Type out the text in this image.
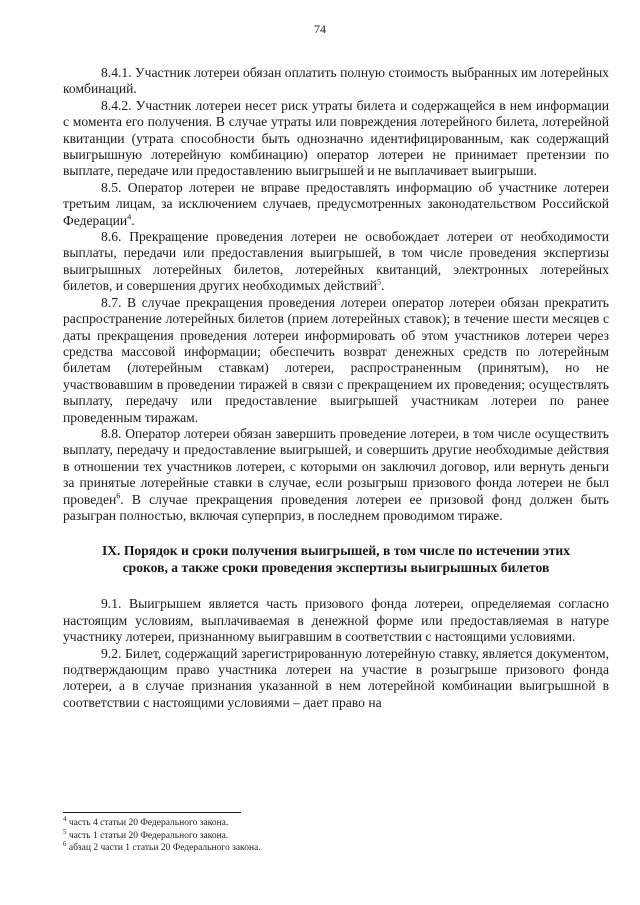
74

8.4.1. Участник лотереи обязан оплатить полную стоимость выбранных им лотерейных комбинаций.

8.4.2. Участник лотереи несет риск утраты билета и содержащейся в нем информации с момента его получения. В случае утраты или повреждения лотерейного билета, лотерейной квитанции (утрата способности быть однозначно идентифицированным, как содержащий выигрышную лотерейную комбинацию) оператор лотереи не принимает претензии по выплате, передаче или предоставлению выигрышей и не выплачивает выигрыши.

8.5. Оператор лотереи не вправе предоставлять информацию об участнике лотереи третьим лицам, за исключением случаев, предусмотренных законодательством Российской Федерации$^4$.

8.6. Прекращение проведения лотереи не освобождает лотереи от необходимости выплаты, передачи или предоставления выигрышей, в том числе проведения экспертизы выигрышных лотерейных билетов, лотерейных квитанций, электронных лотерейных билетов, и совершения других необходимых действий$^5$.

8.7. В случае прекращения проведения лотереи оператор лотереи обязан прекратить распространение лотерейных билетов (прием лотерейных ставок); в течение шести месяцев с даты прекращения проведения лотереи информировать об этом участников лотереи через средства массовой информации; обеспечить возврат денежных средств по лотерейным билетам (лотерейным ставкам) лотереи, распространенным (принятым), но не участвовавшим в проведении тиражей в связи с прекращением их проведения; осуществлять выплату, передачу или предоставление выигрышей участникам лотереи по ранее проведенным тиражам.

8.8. Оператор лотереи обязан завершить проведение лотереи, в том числе осуществить выплату, передачу и предоставление выигрышей, и совершить другие необходимые действия в отношении тех участников лотереи, с которыми он заключил договор, или вернуть деньги за принятые лотерейные ставки в случае, если розыгрыш призового фонда лотереи не был проведен$^6$. В случае прекращения проведения лотереи ее призовой фонд должен быть разыгран полностью, включая суперприз, в последнем проводимом тираже.

IX. Порядок и сроки получения выигрышей, в том числе по истечении этих сроков, а также сроки проведения экспертизы выигрышных билетов

9.1. Выигрышем является часть призового фонда лотереи, определяемая согласно настоящим условиям, выплачиваемая в денежной форме или предоставляемая в натуре участнику лотереи, признанному выигравшим в соответствии с настоящими условиями.

9.2. Билет, содержащий зарегистрированную лотерейную ставку, является документом, подтверждающим право участника лотереи на участие в розыгрыше призового фонда лотереи, а в случае признания указанной в нем лотерейной комбинации выигрышной в соответствии с настоящими условиями – дает право на

$^4$ часть 4 статьи 20 Федерального закона.

$^5$ часть 1 статьи 20 Федерального закона.

$^6$ абзац 2 части 1 статьи 20 Федерального закона.
